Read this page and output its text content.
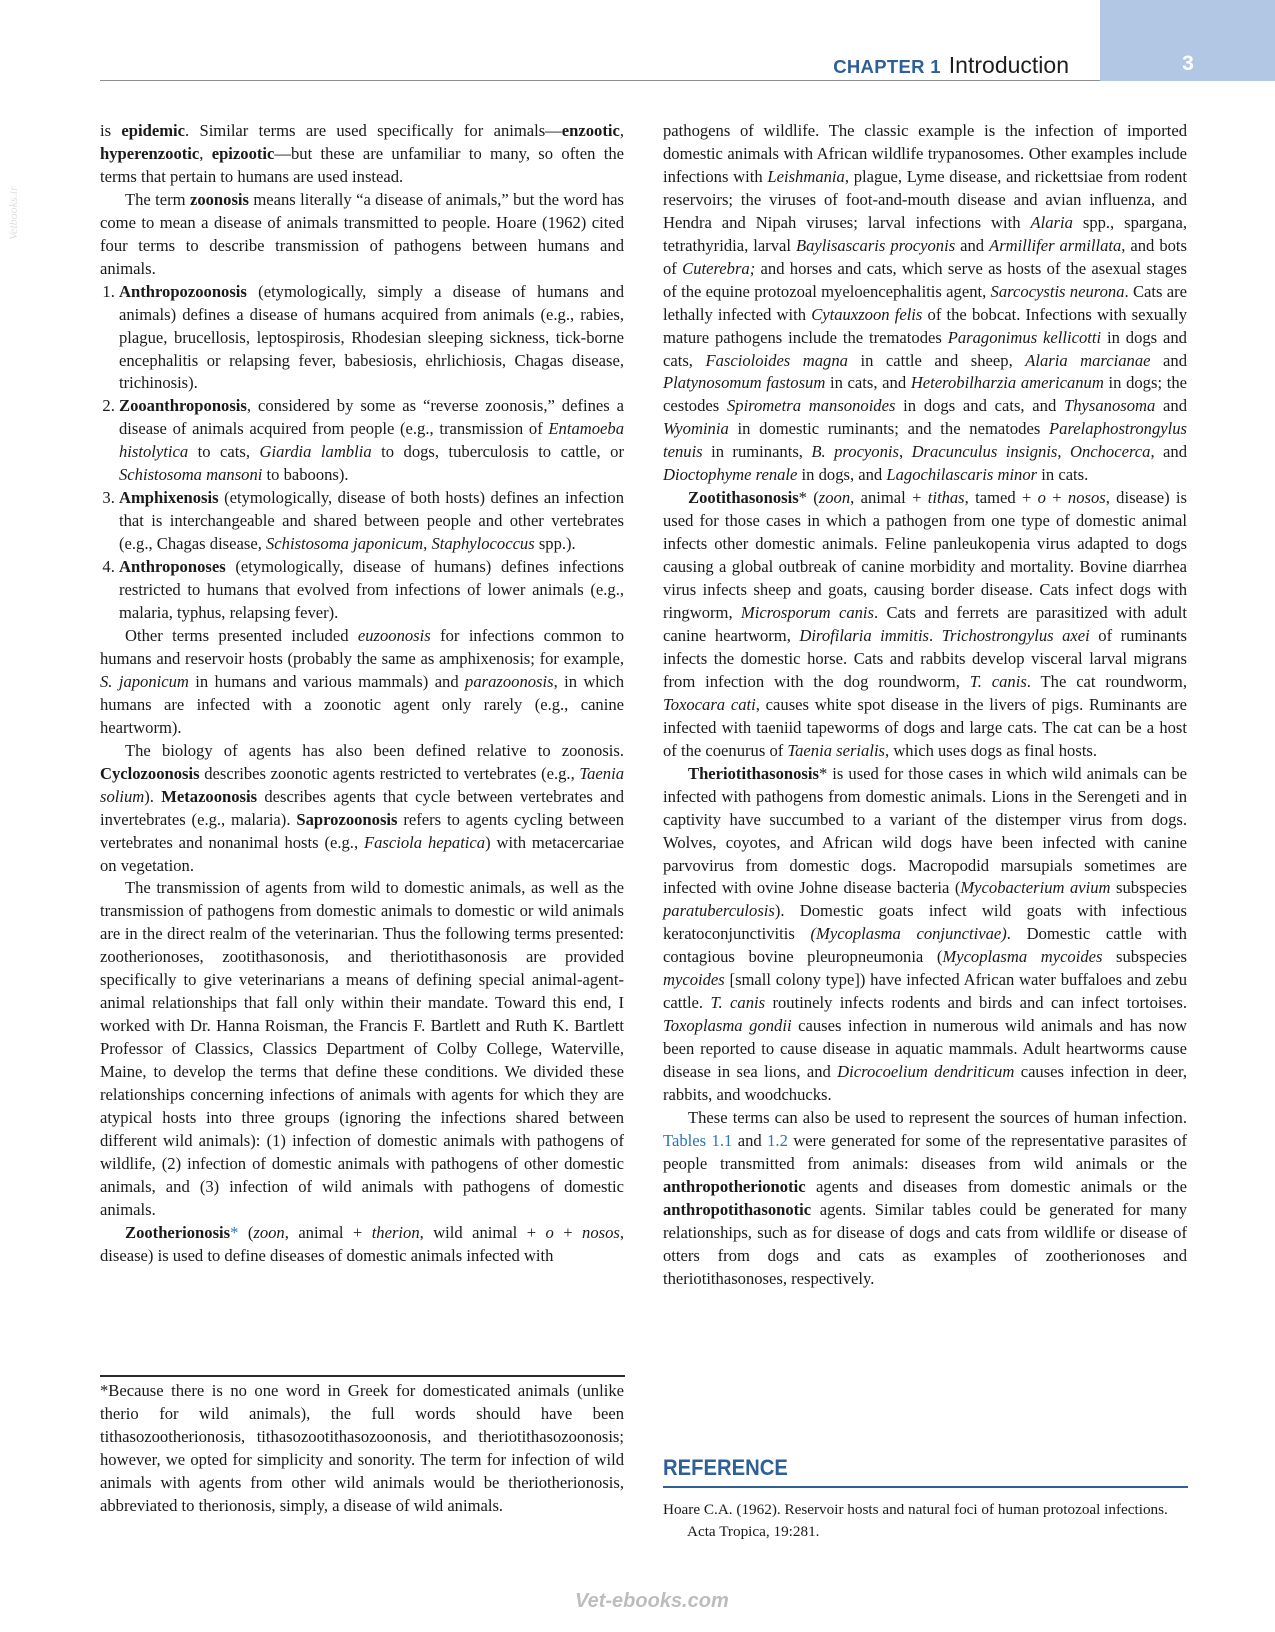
3
CHAPTER 1 Introduction
Vetbooks.ir

is epidemic. Similar terms are used specifically for animals—enzootic, hyperenzootic, epizootic—but these are unfamiliar to many, so often the terms that pertain to humans are used instead.

The term zoonosis means literally “a disease of animals,” but the word has come to mean a disease of animals transmitted to people. Hoare (1962) cited four terms to describe transmission of pathogens between humans and animals.

1. Anthropozoonosis (etymologically, simply a disease of humans and animals) defines a disease of humans acquired from animals (e.g., rabies, plague, brucellosis, leptospirosis, Rhodesian sleeping sickness, tick-borne encephalitis or relapsing fever, babesiosis, ehrlichiosis, Chagas disease, trichinosis).
2. Zooanthroponosis, considered by some as “reverse zoonosis,” defines a disease of animals acquired from people (e.g., transmission of Entamoeba histolytica to cats, Giardia lamblia to dogs, tuberculosis to cattle, or Schistosoma mansoni to baboons).
3. Amphixenosis (etymologically, disease of both hosts) defines an infection that is interchangeable and shared between people and other vertebrates (e.g., Chagas disease, Schistosoma japonicum, Staphylococcus spp.).
4. Anthroponoses (etymologically, disease of humans) defines infections restricted to humans that evolved from infections of lower animals (e.g., malaria, typhus, relapsing fever).

Other terms presented included euzoonosis for infections common to humans and reservoir hosts (probably the same as amphixenosis; for example, S. japonicum in humans and various mammals) and parazoonosis, in which humans are infected with a zoonotic agent only rarely (e.g., canine heartworm).

The biology of agents has also been defined relative to zoonosis. Cyclozoonosis describes zoonotic agents restricted to vertebrates (e.g., Taenia solium). Metazoonosis describes agents that cycle between vertebrates and invertebrates (e.g., malaria). Saprozoonosis refers to agents cycling between vertebrates and nonanimal hosts (e.g., Fasciola hepatica) with metacercariae on vegetation.

The transmission of agents from wild to domestic animals, as well as the transmission of pathogens from domestic animals to domestic or wild animals are in the direct realm of the veterinarian. Thus the following terms presented: zootherionoses, zootithasonosis, and theriotithasonosis are provided specifically to give veterinarians a means of defining special animal-agent-animal relationships that fall only within their mandate. Toward this end, I worked with Dr. Hanna Roisman, the Francis F. Bartlett and Ruth K. Bartlett Professor of Classics, Classics Department of Colby College, Waterville, Maine, to develop the terms that define these conditions. We divided these relationships concerning infections of animals with agents for which they are atypical hosts into three groups (ignoring the infections shared between different wild animals): (1) infection of domestic animals with pathogens of wildlife, (2) infection of domestic animals with pathogens of other domestic animals, and (3) infection of wild animals with pathogens of domestic animals.

Zootherionosis* (zoon, animal + therion, wild animal + o + nosos, disease) is used to define diseases of domestic animals infected with

pathogens of wildlife. The classic example is the infection of imported domestic animals with African wildlife trypanosomes. Other examples include infections with Leishmania, plague, Lyme disease, and rickettsiae from rodent reservoirs; the viruses of foot-and-mouth disease and avian influenza, and Hendra and Nipah viruses; larval infections with Alaria spp., spargana, tetrathyridia, larval Baylisascaris procyonis and Armillifer armillata, and bots of Cuterebra; and horses and cats, which serve as hosts of the asexual stages of the equine protozoal myeloencephalitis agent, Sarcocystis neurona. Cats are lethally infected with Cytauxzoon felis of the bobcat. Infections with sexually mature pathogens include the trematodes Paragonimus kellicotti in dogs and cats, Fascioloides magna in cattle and sheep, Alaria marcianae and Platynosomum fastosum in cats, and Heterobilharzia americanum in dogs; the cestodes Spirometra mansonoides in dogs and cats, and Thysanosoma and Wyominia in domestic ruminants; and the nematodes Parelaphostrongylus tenuis in ruminants, B. procyonis, Dracunculus insignis, Onchocerca, and Dioctophyme renale in dogs, and Lagochilascaris minor in cats.

Zootithasonosis* (zoon, animal + tithas, tamed + o + nosos, disease) is used for those cases in which a pathogen from one type of domestic animal infects other domestic animals. Feline panleukopenia virus adapted to dogs causing a global outbreak of canine morbidity and mortality. Bovine diarrhea virus infects sheep and goats, causing border disease. Cats infect dogs with ringworm, Microsporum canis. Cats and ferrets are parasitized with adult canine heartworm, Dirofilaria immitis. Trichostrongylus axei of ruminants infects the domestic horse. Cats and rabbits develop visceral larval migrans from infection with the dog roundworm, T. canis. The cat roundworm, Toxocara cati, causes white spot disease in the livers of pigs. Ruminants are infected with taeniid tapeworms of dogs and large cats. The cat can be a host of the coenurus of Taenia serialis, which uses dogs as final hosts.

Theriotithasonosis* is used for those cases in which wild animals can be infected with pathogens from domestic animals. Lions in the Serengeti and in captivity have succumbed to a variant of the distemper virus from dogs. Wolves, coyotes, and African wild dogs have been infected with canine parvovirus from domestic dogs. Macropodid marsupials sometimes are infected with ovine Johne disease bacteria (Mycobacterium avium subspecies paratuberculosis). Domestic goats infect wild goats with infectious keratoconjunctivitis (Mycoplasma conjunctivae). Domestic cattle with contagious bovine pleuropneumonia (Mycoplasma mycoides subspecies mycoides [small colony type]) have infected African water buffaloes and zebu cattle. T. canis routinely infects rodents and birds and can infect tortoises. Toxoplasma gondii causes infection in numerous wild animals and has now been reported to cause disease in aquatic mammals. Adult heartworms cause disease in sea lions, and Dicrocoelium dendriticum causes infection in deer, rabbits, and woodchucks.

These terms can also be used to represent the sources of human infection. Tables 1.1 and 1.2 were generated for some of the representative parasites of people transmitted from animals: diseases from wild animals or the anthropotherionotic agents and diseases from domestic animals or the anthropotithasonotic agents. Similar tables could be generated for many relationships, such as for disease of dogs and cats from wildlife or disease of otters from dogs and cats as examples of zootherionoses and theriotithasonoses, respectively.

*Because there is no one word in Greek for domesticated animals (unlike therio for wild animals), the full words should have been tithasozootherionosis, tithasozootithasozoonosis, and theriotithasozoonosis; however, we opted for simplicity and sonority. The term for infection of wild animals with agents from other wild animals would be theriotherionosis, abbreviated to therionosis, simply, a disease of wild animals.
REFERENCE
Hoare C.A. (1962). Reservoir hosts and natural foci of human protozoal infections. Acta Tropica, 19:281.
Vet-ebooks.com
